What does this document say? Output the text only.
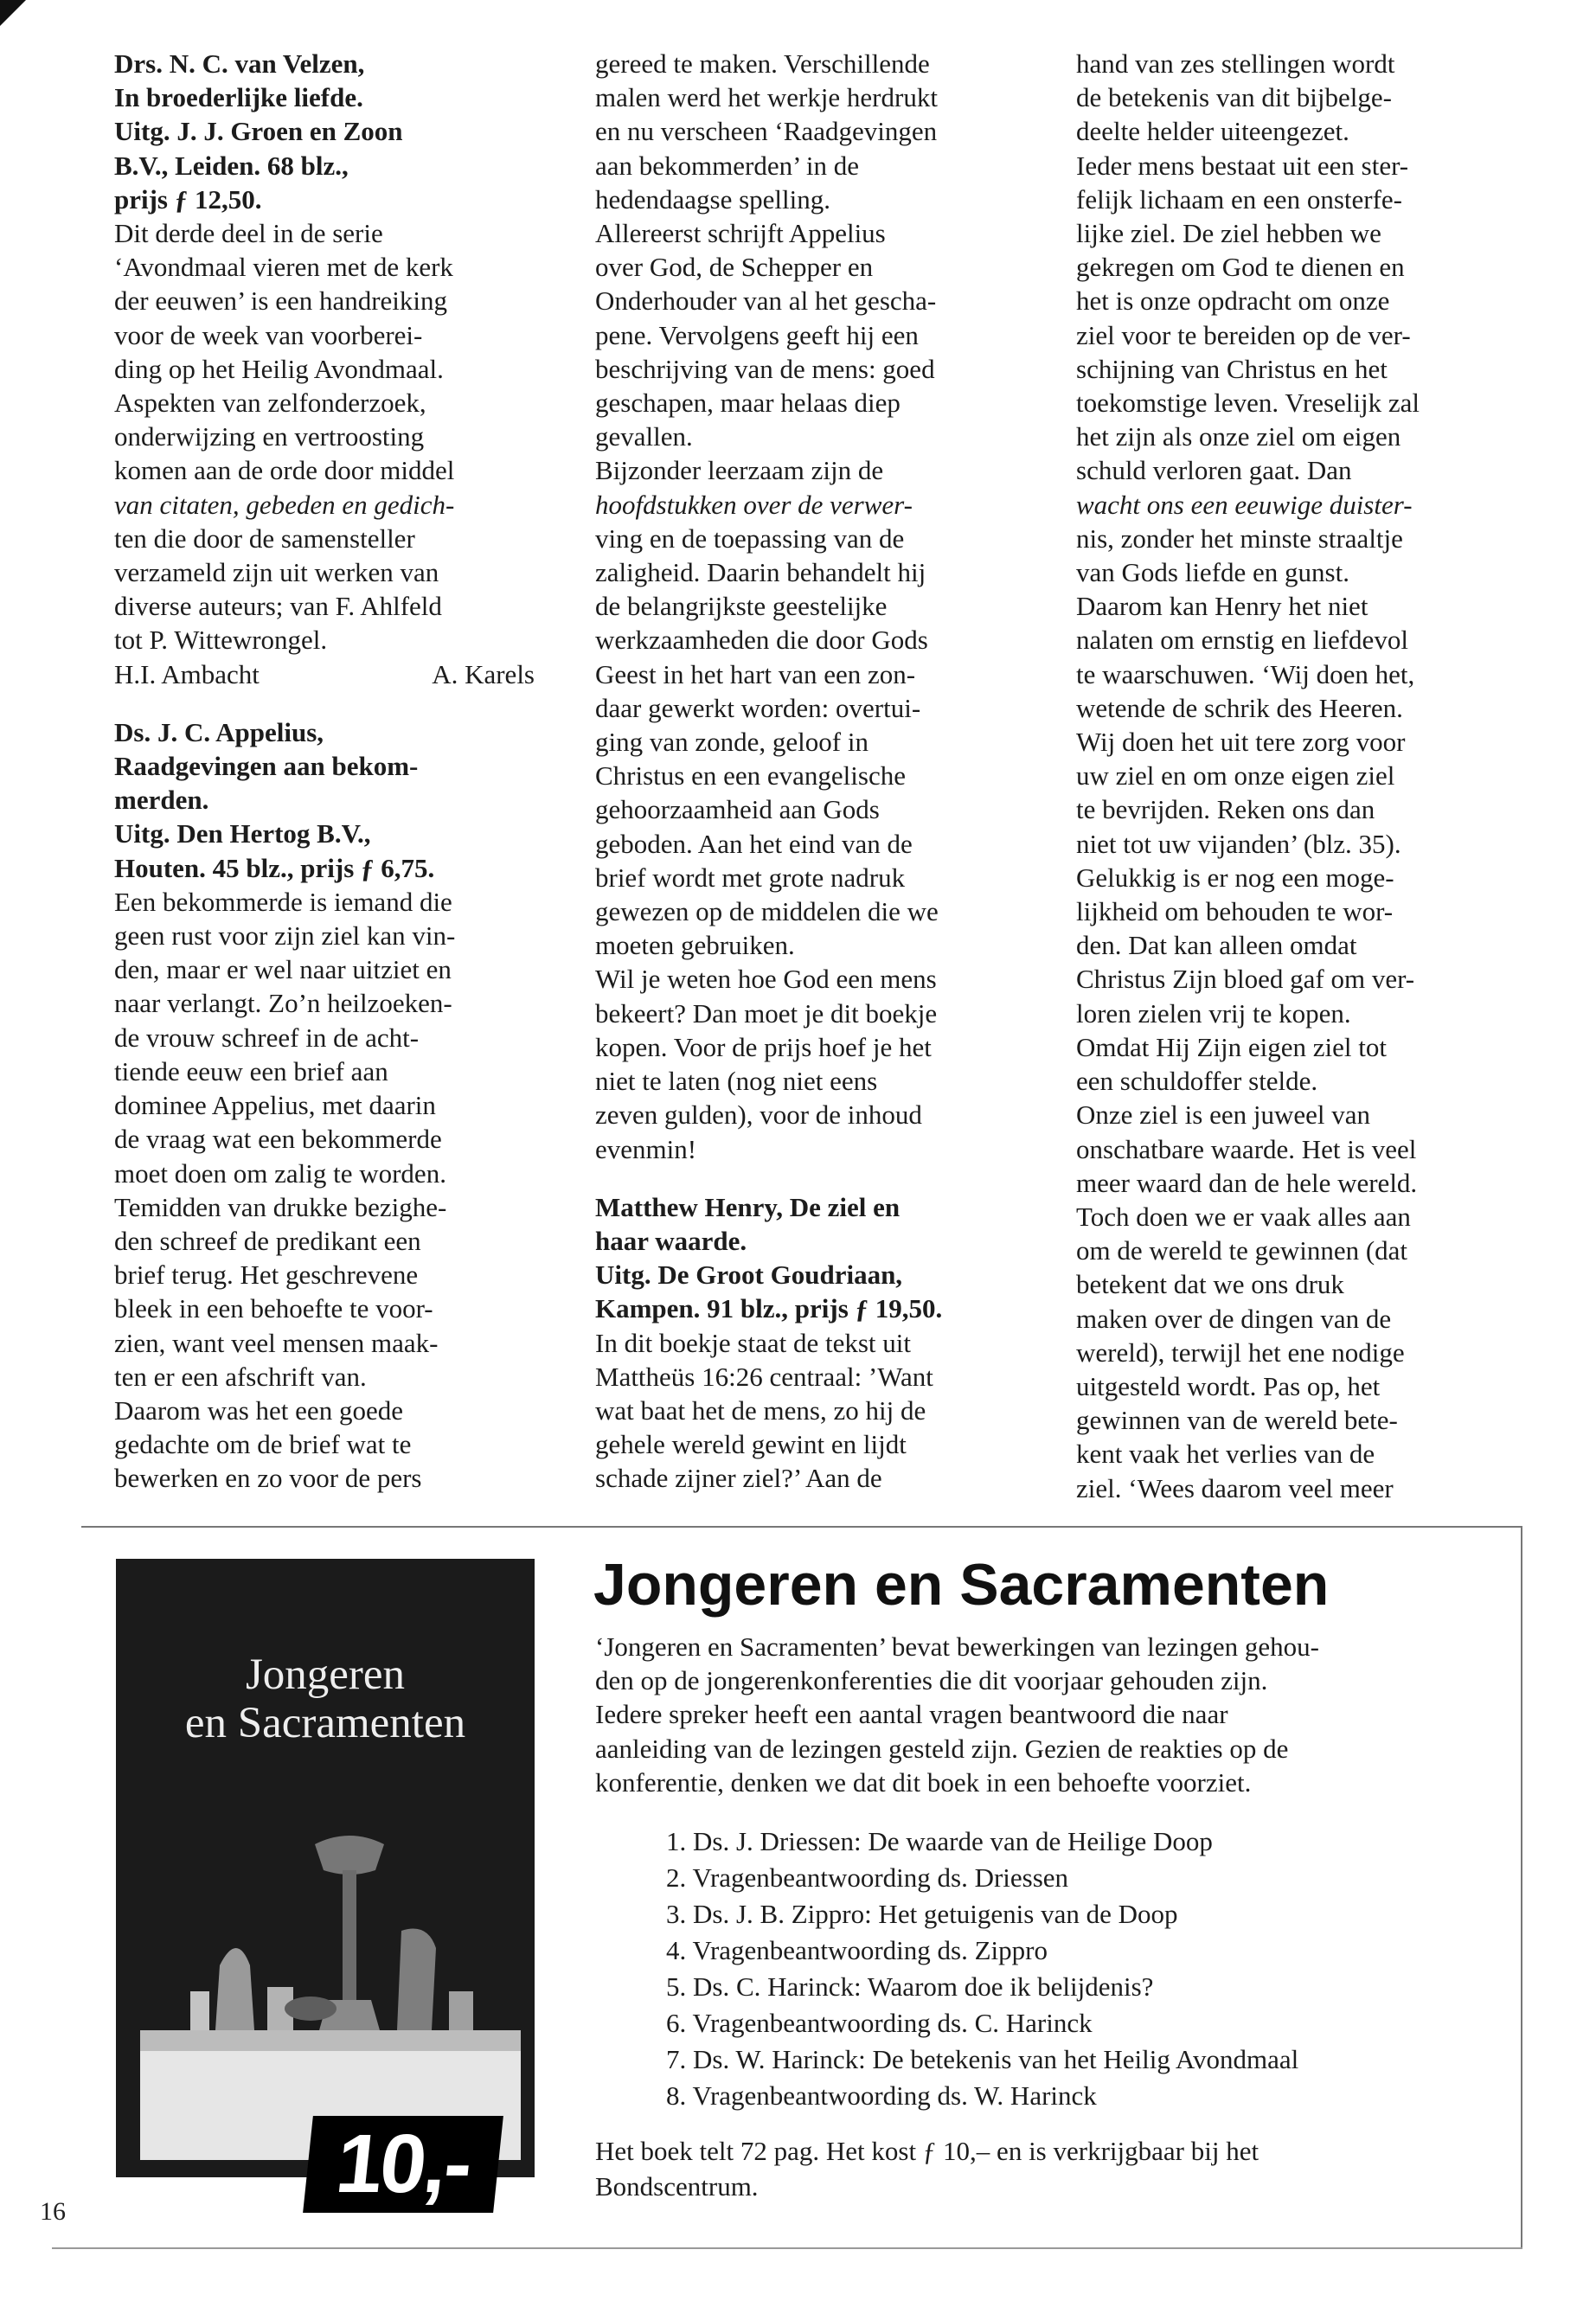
Drs. N. C. van Velzen,

In broederlijke liefde.

Uitg. J. J. Groen en Zoon

B.V., Leiden. 68 blz.,

prijs ƒ 12,50.

Dit derde deel in de serie

‘Avondmaal vieren met de kerk

der eeuwen’ is een handreiking

voor de week van voorberei-

ding op het Heilig Avondmaal.

Aspekten van zelfonderzoek,

onderwijzing en vertroosting

komen aan de orde door middel

van citaten, gebeden en gedich-

ten die door de samensteller

verzameld zijn uit werken van

diverse auteurs; van F. Ahlfeld

tot P. Wittewrongel.

H.I. Ambacht	A. Karels

Ds. J. C. Appelius,

Raadgevingen aan bekom-

merden.

Uitg. Den Hertog B.V.,

Houten. 45 blz., prijs ƒ 6,75.

Een bekommerde is iemand die

geen rust voor zijn ziel kan vin-

den, maar er wel naar uitziet en

naar verlangt. Zo’n heilzoeken-

de vrouw schreef in de acht-

tiende eeuw een brief aan

dominee Appelius, met daarin

de vraag wat een bekommerde

moet doen om zalig te worden.

Temidden van drukke bezighe-

den schreef de predikant een

brief terug. Het geschrevene

bleek in een behoefte te voor-

zien, want veel mensen maak-

ten er een afschrift van.

Daarom was het een goede

gedachte om de brief wat te

bewerken en zo voor de pers

gereed te maken. Verschillende

malen werd het werkje herdrukt

en nu verscheen ‘Raadgevingen

aan bekommerden’ in de

hedendaagse spelling.

Allereerst schrijft Appelius

over God, de Schepper en

Onderhouder van al het gescha-

pene. Vervolgens geeft hij een

beschrijving van de mens: goed

geschapen, maar helaas diep

gevallen.

Bijzonder leerzaam zijn de

hoofdstukken over de verwer-

ving en de toepassing van de

zaligheid. Daarin behandelt hij

de belangrijkste geestelijke

werkzaamheden die door Gods

Geest in het hart van een zon-

daar gewerkt worden: overtui-

ging van zonde, geloof in

Christus en een evangelische

gehoorzaamheid aan Gods

geboden. Aan het eind van de

brief wordt met grote nadruk

gewezen op de middelen die we

moeten gebruiken.

Wil je weten hoe God een mens

bekeert? Dan moet je dit boekje

kopen. Voor de prijs hoef je het

niet te laten (nog niet eens

zeven gulden), voor de inhoud

evenmin!

Matthew Henry, De ziel en

haar waarde.

Uitg. De Groot Goudriaan,

Kampen. 91 blz., prijs ƒ 19,50.

In dit boekje staat de tekst uit

Mattheüs 16:26 centraal: ’Want

wat baat het de mens, zo hij de

gehele wereld gewint en lijdt

schade zijner ziel?’ Aan de

hand van zes stellingen wordt

de betekenis van dit bijbelge-

deelte helder uiteengezet.

Ieder mens bestaat uit een ster-

felijk lichaam en een onsterfe-

lijke ziel. De ziel hebben we

gekregen om God te dienen en

het is onze opdracht om onze

ziel voor te bereiden op de ver-

schijning van Christus en het

toekomstige leven. Vreselijk zal

het zijn als onze ziel om eigen

schuld verloren gaat. Dan

wacht ons een eeuwige duister-

nis, zonder het minste straaltje

van Gods liefde en gunst.

Daarom kan Henry het niet

nalaten om ernstig en liefdevol

te waarschuwen. ‘Wij doen het,

wetende de schrik des Heeren.

Wij doen het uit tere zorg voor

uw ziel en om onze eigen ziel

te bevrijden. Reken ons dan

niet tot uw vijanden’ (blz. 35).

Gelukkig is er nog een moge-

lijkheid om behouden te wor-

den. Dat kan alleen omdat

Christus Zijn bloed gaf om ver-

loren zielen vrij te kopen.

Omdat Hij Zijn eigen ziel tot

een schuldoffer stelde.

Onze ziel is een juweel van

onschatbare waarde. Het is veel

meer waard dan de hele wereld.

Toch doen we er vaak alles aan

om de wereld te gewinnen (dat

betekent dat we ons druk

maken over de dingen van de

wereld), terwijl het ene nodige

uitgesteld wordt. Pas op, het

gewinnen van de wereld bete-

kent vaak het verlies van de

ziel. ‘Wees daarom veel meer

Jongeren
en Sacramenten
10,-
Jongeren en Sacramenten

‘Jongeren en Sacramenten’ bevat bewerkingen van lezingen gehou-

den op de jongerenkonferenties die dit voorjaar gehouden zijn.

Iedere spreker heeft een aantal vragen beantwoord die naar

aanleiding van de lezingen gesteld zijn. Gezien de reakties op de

konferentie, denken we dat dit boek in een behoefte voorziet.

1. Ds. J. Driessen: De waarde van de Heilige Doop
2. Vragenbeantwoording ds. Driessen
3. Ds. J. B. Zippro: Het getuigenis van de Doop
4. Vragenbeantwoording ds. Zippro
5. Ds. C. Harinck: Waarom doe ik belijdenis?
6. Vragenbeantwoording ds. C. Harinck
7. Ds. W. Harinck: De betekenis van het Heilig Avondmaal
8. Vragenbeantwoording ds. W. Harinck

Het boek telt 72 pag. Het kost ƒ 10,– en is verkrijgbaar bij het

Bondscentrum.

16
